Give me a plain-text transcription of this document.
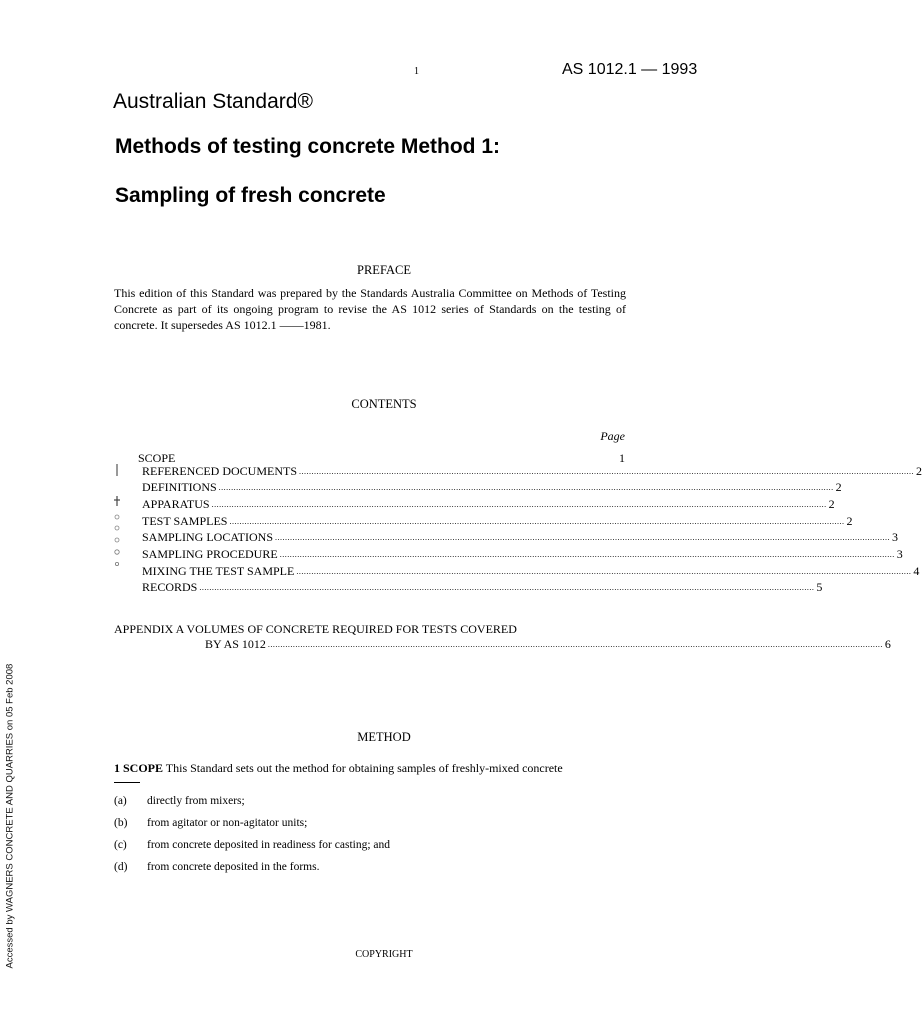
1	AS 1012.1 — 1993
Australian Standard®
Methods of testing concrete Method 1:
Sampling of fresh concrete
PREFACE
This edition of this Standard was prepared by the Standards Australia Committee on Methods of Testing Concrete as part of its ongoing program to revise the AS 1012 series of Standards on the testing of concrete. It supersedes AS 1012.1 ——1981.
CONTENTS
Page
SCOPE	1
REFERENCED DOCUMENTS ...................................................................................................................................................................................................................................................... 2
DEFINITIONS ...................................................................................................................................................................................................................................................... 2
APPARATUS ...................................................................................................................................................................................................................................................... 2
TEST SAMPLES ...................................................................................................................................................................................................................................................... 2
SAMPLING LOCATIONS ...................................................................................................................................................................................................................................................... 3
SAMPLING PROCEDURE ...................................................................................................................................................................................................................................................... 3
MIXING THE TEST SAMPLE ...................................................................................................................................................................................................................................................... 4
RECORDS ...................................................................................................................................................................................................................................................... 5
APPENDIX A VOLUMES OF CONCRETE REQUIRED FOR TESTS COVERED
BY AS 1012 ...................................................................................................................................................................................................................................................... 6
METHOD
1 SCOPE This Standard sets out the method for obtaining samples of freshly-mixed concrete
(a) directly from mixers;
(b) from agitator or non-agitator units;
(c) from concrete deposited in readiness for casting; and
(d) from concrete deposited in the forms.
COPYRIGHT
Accessed by WAGNERS CONCRETE AND QUARRIES on 05 Feb 2008
